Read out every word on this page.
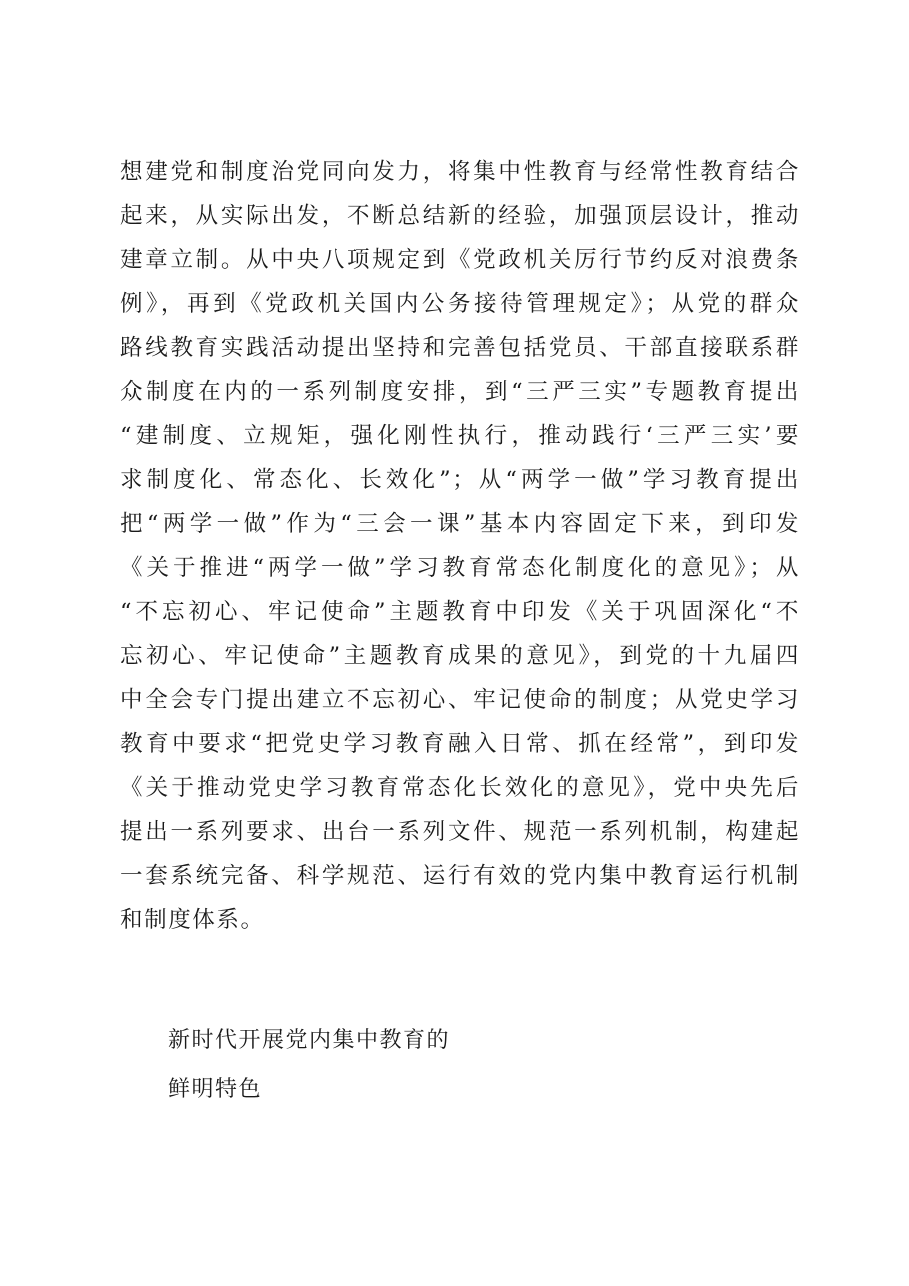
想建党和制度治党同向发力，将集中性教育与经常性教育结合
起来，从实际出发，不断总结新的经验，加强顶层设计，推动
建章立制。从中央八项规定到《党政机关厉行节约反对浪费条
例》，再到《党政机关国内公务接待管理规定》；从党的群众
路线教育实践活动提出坚持和完善包括党员、干部直接联系群
众制度在内的一系列制度安排，到“三严三实”专题教育提出
“建制度、立规矩，强化刚性执行，推动践行‘三严三实’要
求制度化、常态化、长效化”；从“两学一做”学习教育提出
把“两学一做”作为“三会一课”基本内容固定下来，到印发
《关于推进“两学一做”学习教育常态化制度化的意见》；从
“不忘初心、牢记使命”主题教育中印发《关于巩固深化“不
忘初心、牢记使命”主题教育成果的意见》，到党的十九届四
中全会专门提出建立不忘初心、牢记使命的制度；从党史学习
教育中要求“把党史学习教育融入日常、抓在经常”，到印发
《关于推动党史学习教育常态化长效化的意见》，党中央先后
提出一系列要求、出台一系列文件、规范一系列机制，构建起
一套系统完备、科学规范、运行有效的党内集中教育运行机制
和制度体系。
新时代开展党内集中教育的
鲜明特色
